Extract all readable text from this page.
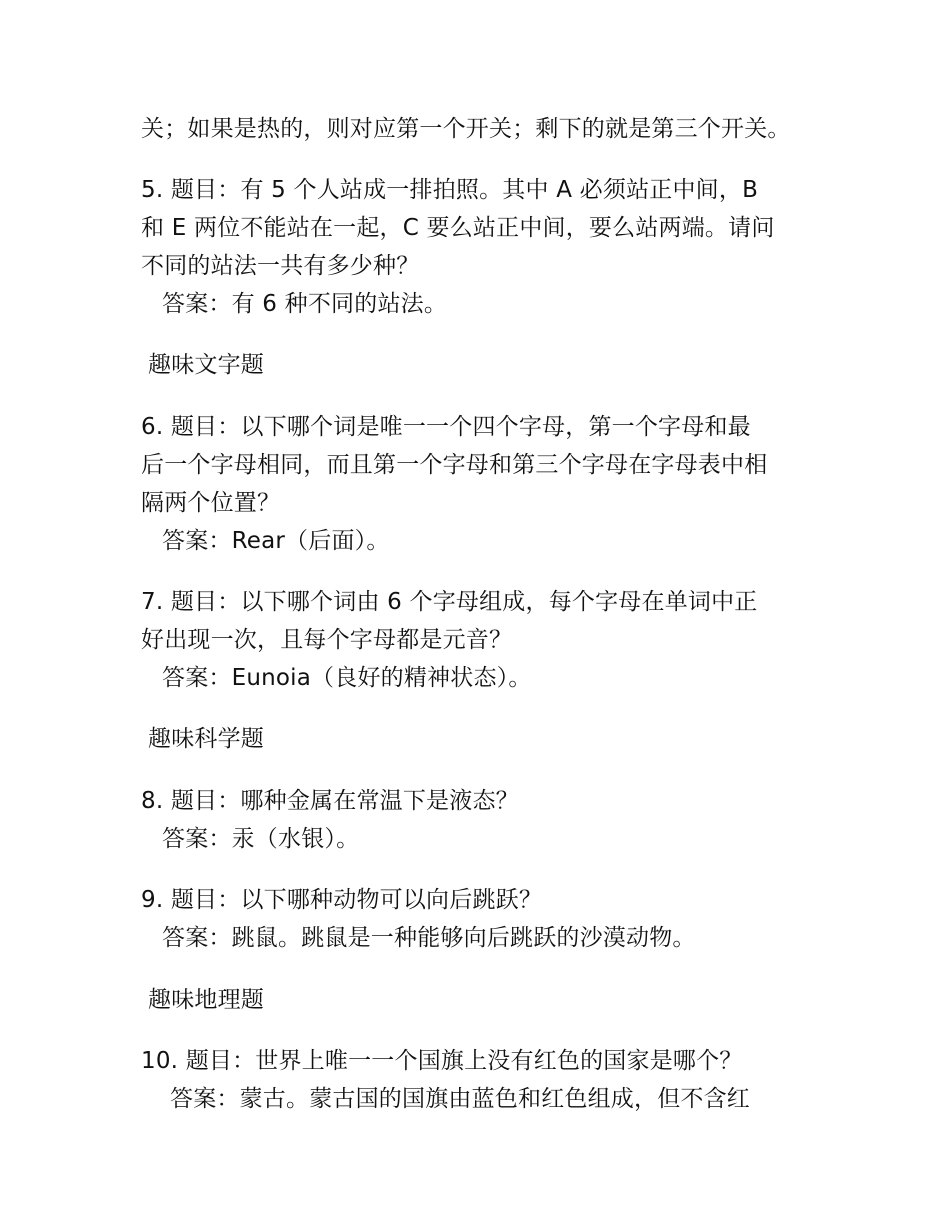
关；如果是热的，则对应第一个开关；剩下的就是第三个开关。
5. 题目：有 5 个人站成一排拍照。其中 A 必须站正中间，B
和 E 两位不能站在一起，C 要么站正中间，要么站两端。请问
不同的站法一共有多少种？
答案：有 6 种不同的站法。
趣味文字题
6. 题目：以下哪个词是唯一一个四个字母，第一个字母和最
后一个字母相同，而且第一个字母和第三个字母在字母表中相
隔两个位置？
答案：Rear（后面）。
7. 题目：以下哪个词由 6 个字母组成，每个字母在单词中正
好出现一次，且每个字母都是元音？
答案：Eunoia（良好的精神状态）。
趣味科学题
8. 题目：哪种金属在常温下是液态？
答案：汞（水银）。
9. 题目：以下哪种动物可以向后跳跃？
答案：跳鼠。跳鼠是一种能够向后跳跃的沙漠动物。
趣味地理题
10. 题目：世界上唯一一个国旗上没有红色的国家是哪个？
答案：蒙古。蒙古国的国旗由蓝色和红色组成，但不含红
